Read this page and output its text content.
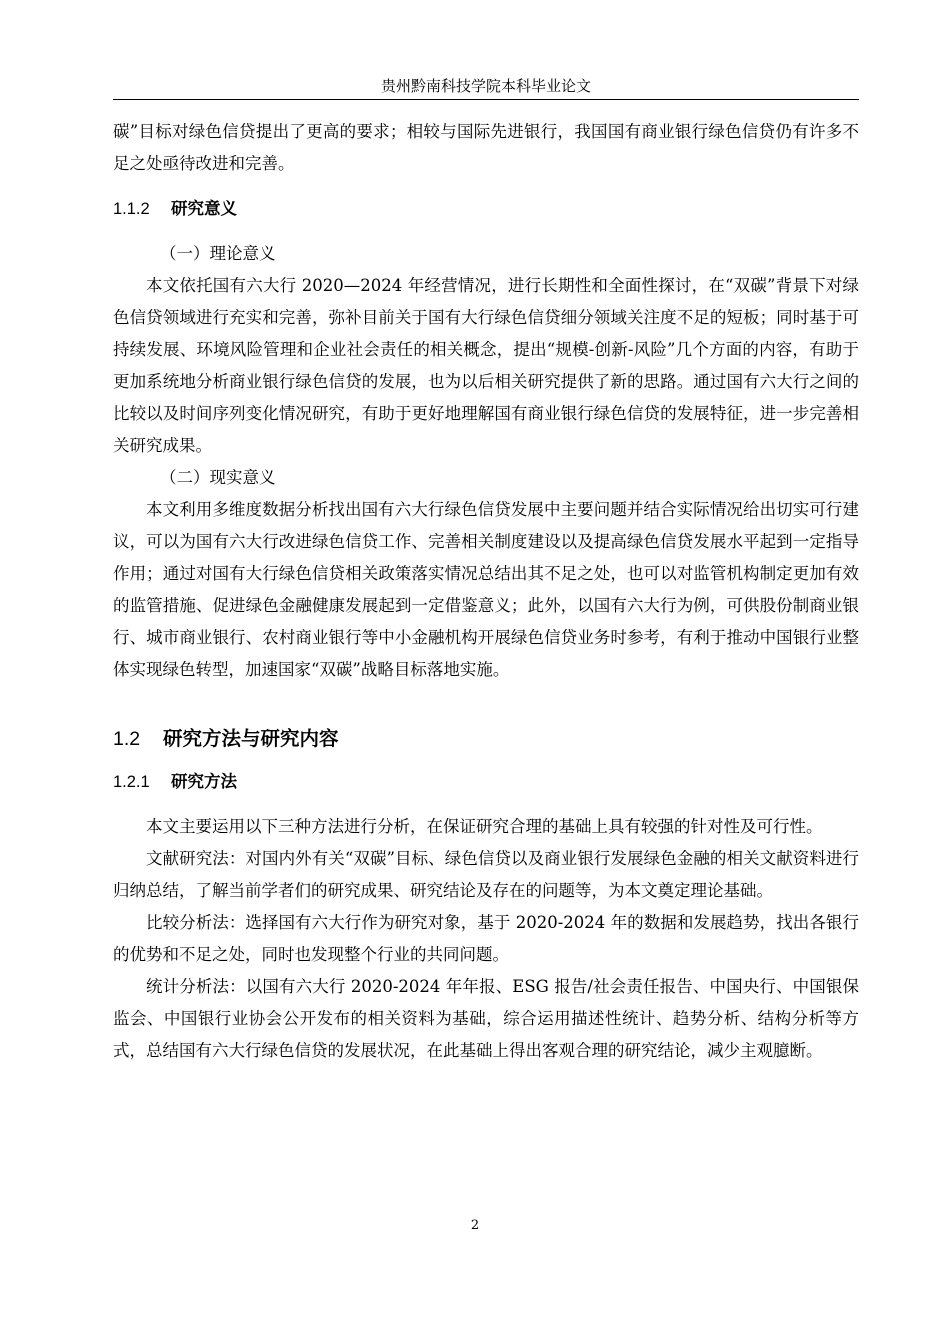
贵州黔南科技学院本科毕业论文

碳”目标对绿色信贷提出了更高的要求；相较与国际先进银行，我国国有商业银行绿色信贷仍有许多不足之处亟待改进和完善。

1.1.2 研究意义
（一）理论意义

本文依托国有六大行 2020—2024 年经营情况，进行长期性和全面性探讨，在“双碳”背景下对绿色信贷领域进行充实和完善，弥补目前关于国有大行绿色信贷细分领域关注度不足的短板；同时基于可持续发展、环境风险管理和企业社会责任的相关概念，提出“规模-创新-风险”几个方面的内容，有助于更加系统地分析商业银行绿色信贷的发展，也为以后相关研究提供了新的思路。通过国有六大行之间的比较以及时间序列变化情况研究，有助于更好地理解国有商业银行绿色信贷的发展特征，进一步完善相关研究成果。

（二）现实意义

本文利用多维度数据分析找出国有六大行绿色信贷发展中主要问题并结合实际情况给出切实可行建议，可以为国有六大行改进绿色信贷工作、完善相关制度建设以及提高绿色信贷发展水平起到一定指导作用；通过对国有大行绿色信贷相关政策落实情况总结出其不足之处，也可以对监管机构制定更加有效的监管措施、促进绿色金融健康发展起到一定借鉴意义；此外，以国有六大行为例，可供股份制商业银行、城市商业银行、农村商业银行等中小金融机构开展绿色信贷业务时参考，有利于推动中国银行业整体实现绿色转型，加速国家“双碳”战略目标落地实施。

1.2 研究方法与研究内容
1.2.1 研究方法

本文主要运用以下三种方法进行分析，在保证研究合理的基础上具有较强的针对性及可行性。

文献研究法：对国内外有关“双碳”目标、绿色信贷以及商业银行发展绿色金融的相关文献资料进行归纳总结，了解当前学者们的研究成果、研究结论及存在的问题等，为本文奠定理论基础。

比较分析法：选择国有六大行作为研究对象，基于 2020-2024 年的数据和发展趋势，找出各银行的优势和不足之处，同时也发现整个行业的共同问题。

统计分析法：以国有六大行 2020-2024 年年报、ESG 报告/社会责任报告、中国央行、中国银保监会、中国银行业协会公开发布的相关资料为基础，综合运用描述性统计、趋势分析、结构分析等方式，总结国有六大行绿色信贷的发展状况，在此基础上得出客观合理的研究结论，减少主观臆断。

2
